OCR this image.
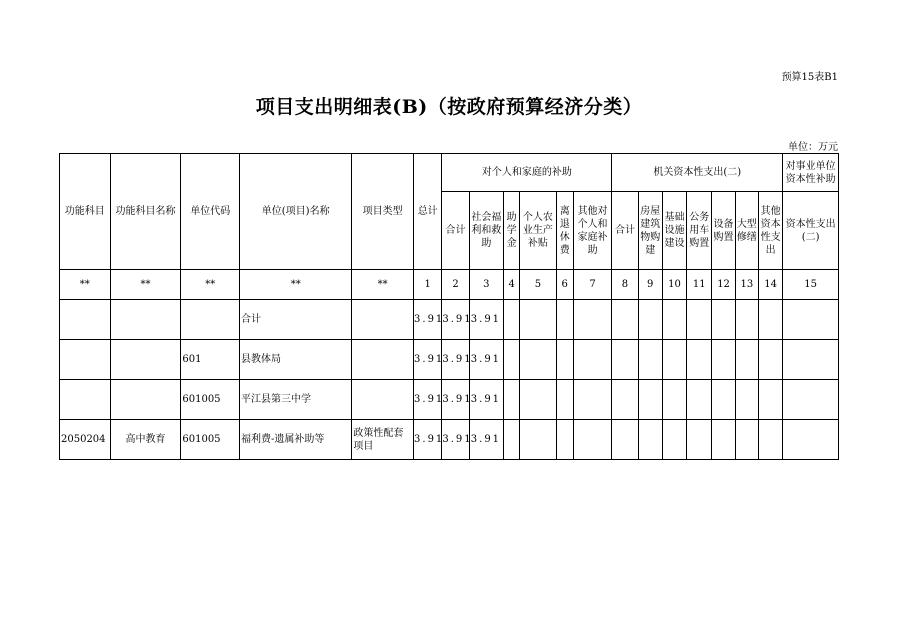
预算15表B1
项目支出明细表(B)（按政府预算经济分类）
单位：万元
功能科目	功能科目名称	单位代码	单位(项目)名称	项目类型	总计	对个人和家庭的补助						机关资本性支出(二)							对事业单位资本性补助
						合计	社会福利和救助	助学金	个人农业生产补贴	离退休费	其他对个人和家庭补助	合计	房屋建筑物购建	基础设施建设	公务用车购置	设备购置	大型修缮	其他资本性支出	资本性支出(二)
**	**	**	**	**	1	2	3	4	5	6	7	8	9	10	11	12	13	14	15
			合计		3.91	3.91	3.91												
		601	县教体局		3.91	3.91	3.91												
		601005	平江县第三中学		3.91	3.91	3.91												
2050204	高中教育	601005	福利费-遗属补助等	政策性配套项目	3.91	3.91	3.91												
